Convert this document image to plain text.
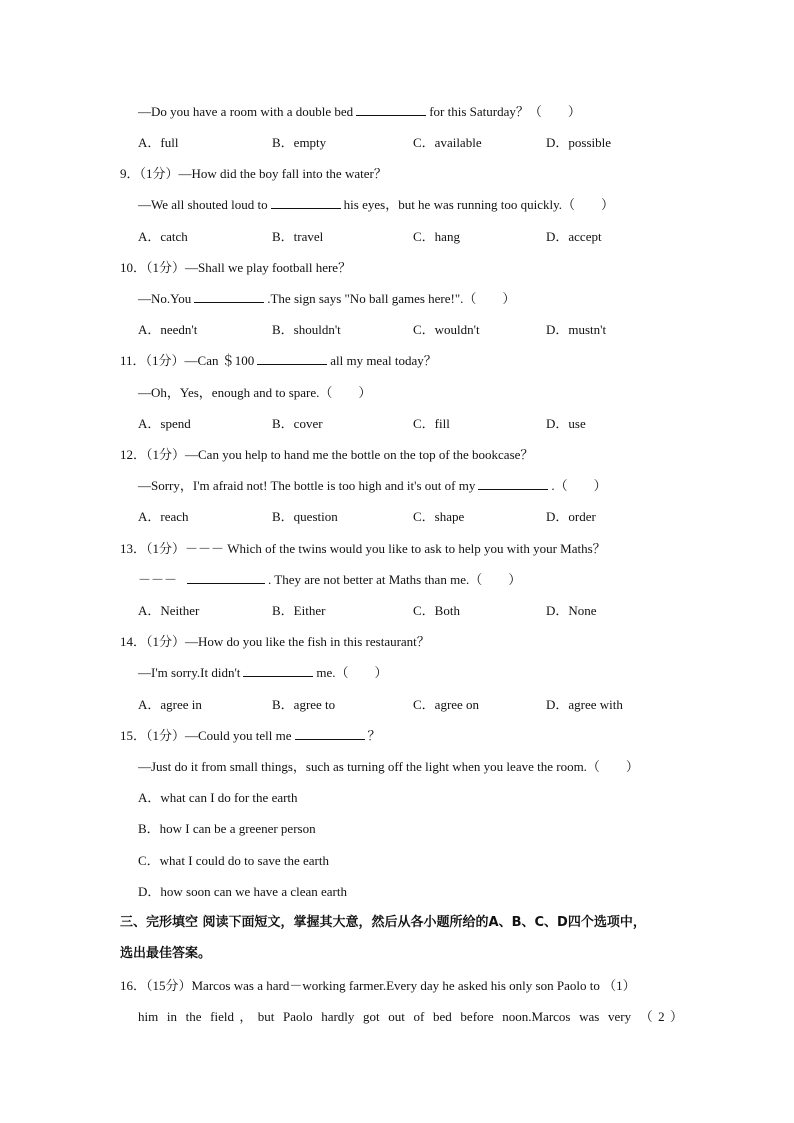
—Do you have a room with a double bed	for this Saturday？（　　）
A．full	B．empty	C．available	D．possible
9．（1分）—How did the boy fall into the water？
—We all shouted loud to	his eyes，but he was running too quickly.（　　）
A．catch	B．travel	C．hang	D．accept
10．（1分）—Shall we play football here？
—No.You	.The sign says "No ball games here!".（　　）
A．needn't	B．shouldn't	C．wouldn't	D．mustn't
11．（1分）—Can ＄100	all my meal today？
—Oh，Yes，enough and to spare.（　　）
A．spend	B．cover	C．fill	D．use
12．（1分）—Can you help to hand me the bottle on the top of the bookcase？
—Sorry，I'm afraid not! The bottle is too high and it's out of my	.（　　）
A．reach	B．question	C．shape	D．order
13．（1分）－－－ Which of the twins would you like to ask to help you with your Maths？
－－－	. They are not better at Maths than me.（　　）
A．Neither	B．Either	C．Both	D．None
14．（1分）—How do you like the fish in this restaurant？
—I'm sorry.It didn't	me.（　　）
A．agree in	B．agree to	C．agree on	D．agree with
15．（1分）—Could you tell me	？
—Just do it from small things，such as turning off the light when you leave the room.（　　）
A．what can I do for the earth
B．how I can be a greener person
C．what I could do to save the earth
D．how soon can we have a clean earth
三、完形填空 阅读下面短文，掌握其大意，然后从各小题所给的A、B、C、D四个选项中，
选出最佳答案。
16．（15分）Marcos was a hard－working farmer.Every day he asked his only son Paolo to （1）
him in the field，but Paolo hardly got out of bed before noon.Marcos was very （2）
